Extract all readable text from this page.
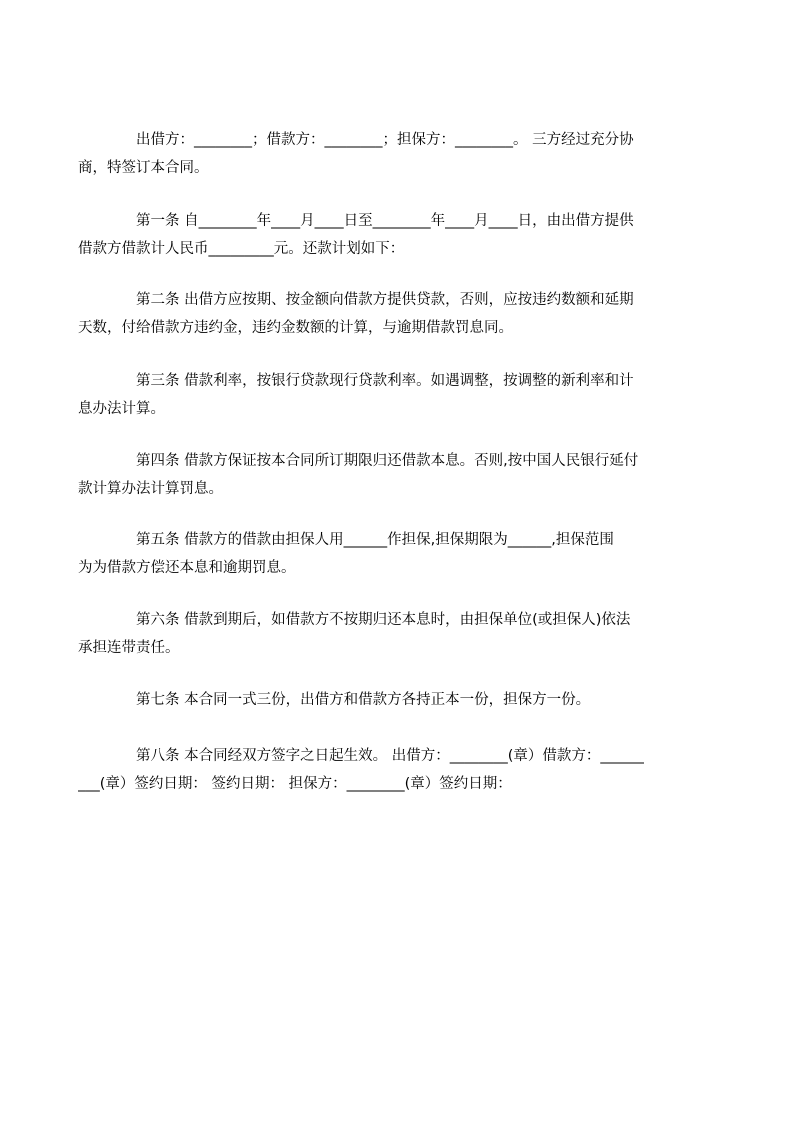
出借方：________；借款方：________；担保方：________。 三方经过充分协
商，特签订本合同。

第一条 自________年____月____日至________年____月____日，由出借方提供
借款方借款计人民币_________元。还款计划如下：

第二条 出借方应按期、按金额向借款方提供贷款，否则，应按违约数额和延期
天数，付给借款方违约金，违约金数额的计算，与逾期借款罚息同。

第三条 借款利率，按银行贷款现行贷款利率。如遇调整，按调整的新利率和计
息办法计算。

第四条 借款方保证按本合同所订期限归还借款本息。否则,按中国人民银行延付
款计算办法计算罚息。

第五条 借款方的借款由担保人用______作担保,担保期限为______,担保范围
为为借款方偿还本息和逾期罚息。

第六条 借款到期后，如借款方不按期归还本息时，由担保单位(或担保人)依法
承担连带责任。

第七条 本合同一式三份，出借方和借款方各持正本一份，担保方一份。

第八条 本合同经双方签字之日起生效。 出借方：________(章）借款方：______
___(章）签约日期： 签约日期： 担保方：________(章）签约日期：
